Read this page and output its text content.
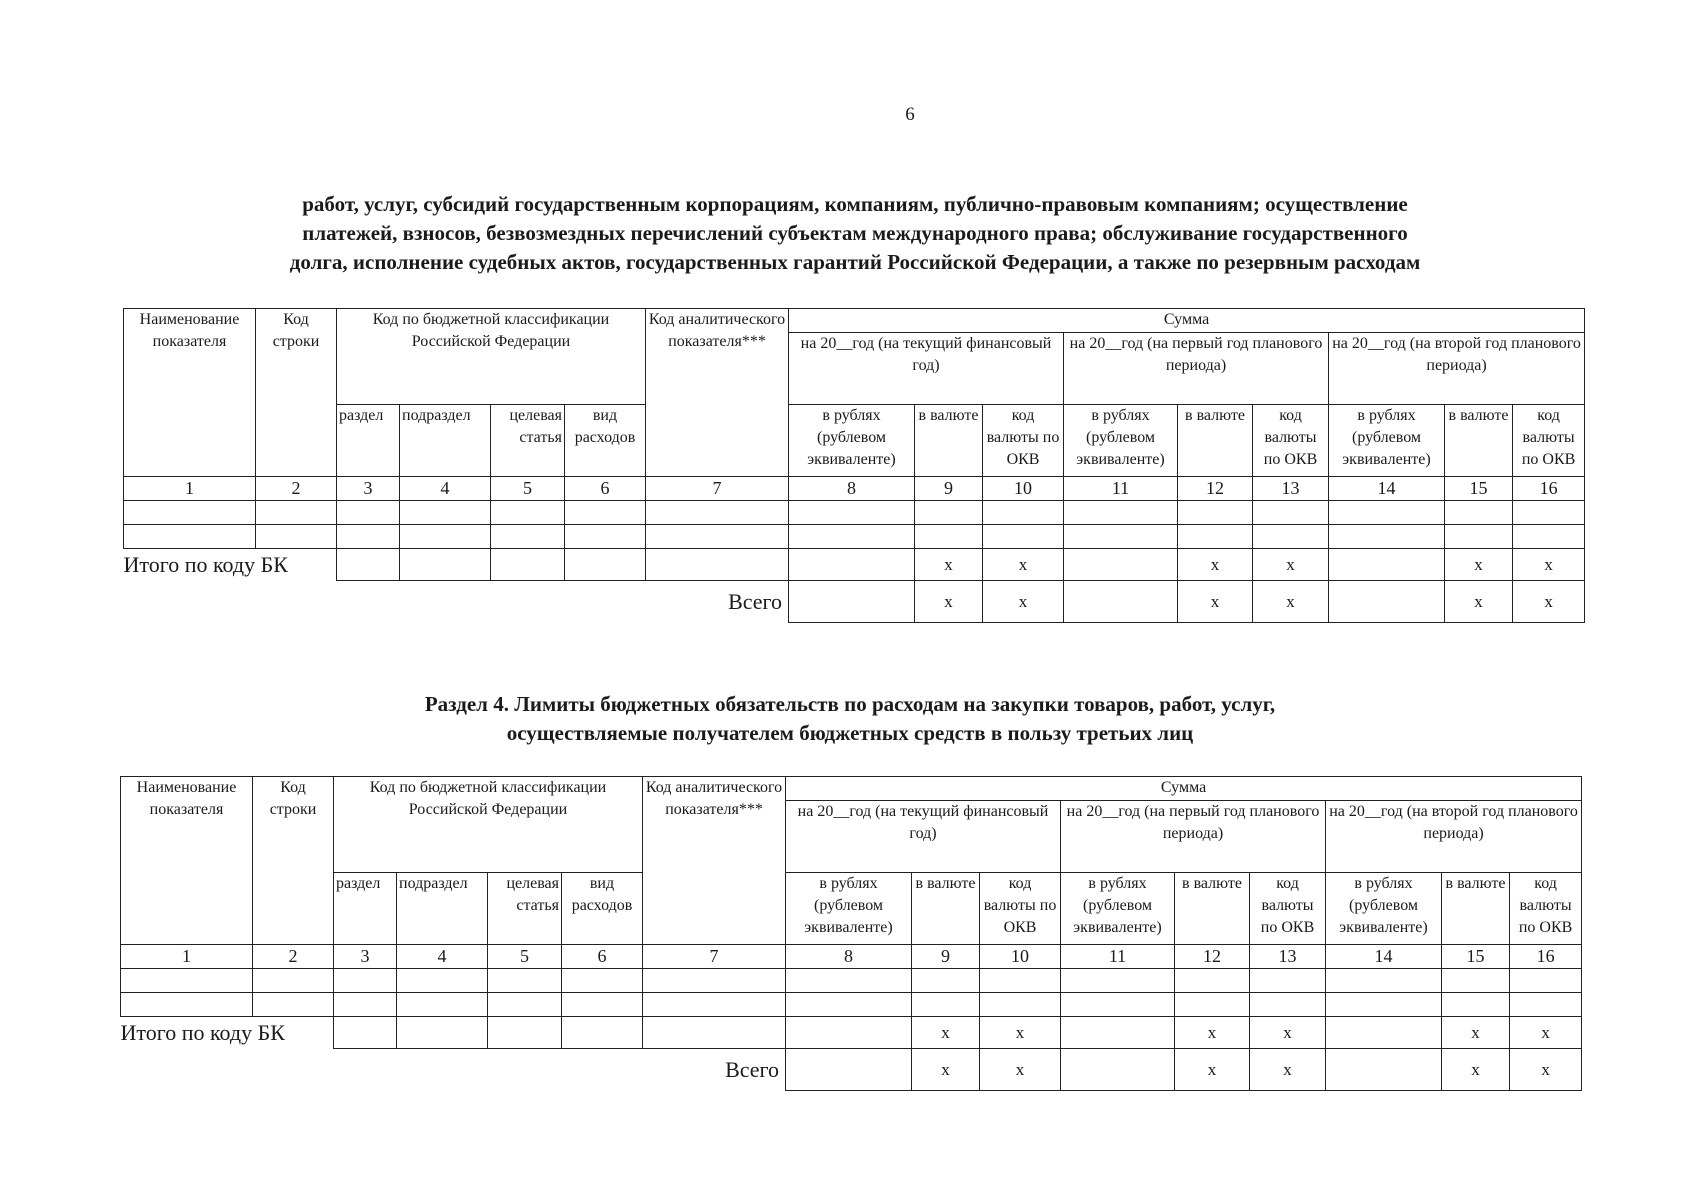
6
работ, услуг, субсидий государственным корпорациям, компаниям, публично-правовым компаниям; осуществление
платежей, взносов, безвозмездных перечислений субъектам международного права; обслуживание государственного
долга, исполнение судебных актов, государственных гарантий Российской Федерации, а также по резервным расходам
Наименование показателя	Код строки	Код по бюджетной классификации Российской Федерации				Код аналитического показателя***	Сумма								
							на 20__год (на текущий финансовый год)			на 20__год (на первый год планового периода)			на 20__год (на второй год планового периода)		
		раздел	подраздел	целевая статья	вид расходов		в рублях (рублевом эквиваленте)	в валюте	код валюты по ОКВ	в рублях (рублевом эквиваленте)	в валюте	код валюты по ОКВ	в рублях (рублевом эквиваленте)	в валюте	код валюты по ОКВ
1	2	3	4	5	6	7	8	9	10	11	12	13	14	15	16

Итого по коду БК								x	x		x	x		x	x
Всего								x	x		x	x		x	x
Раздел 4. Лимиты бюджетных обязательств по расходам на закупки товаров, работ, услуг,
осуществляемые получателем бюджетных средств в пользу третьих лиц
Наименование показателя	Код строки	Код по бюджетной классификации Российской Федерации				Код аналитического показателя***	Сумма								
							на 20__год (на текущий финансовый год)			на 20__год (на первый год планового периода)			на 20__год (на второй год планового периода)		
		раздел	подраздел	целевая статья	вид расходов		в рублях (рублевом эквиваленте)	в валюте	код валюты по ОКВ	в рублях (рублевом эквиваленте)	в валюте	код валюты по ОКВ	в рублях (рублевом эквиваленте)	в валюте	код валюты по ОКВ
1	2	3	4	5	6	7	8	9	10	11	12	13	14	15	16

Итого по коду БК								x	x		x	x		x	x
Всего								x	x		x	x		x	x
